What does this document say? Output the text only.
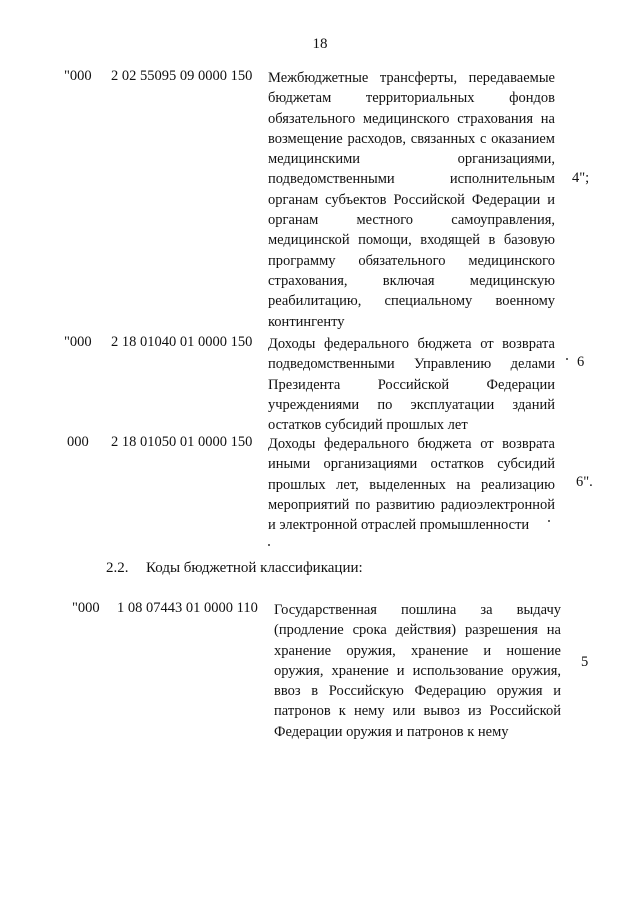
18
"000 2 02 55095 09 0000 150 Межбюджетные трансферты, передаваемые бюджетам территориальных фондов обязательного медицинского страхования на возмещение расходов, связанных с оказанием медицинскими организациями, подведомственными исполнительным органам субъектов Российской Федерации и органам местного самоуправления, медицинской помощи, входящей в базовую программу обязательного медицинского страхования, включая медицинскую реабилитацию, специальному военному контингенту
4";
"000 2 18 01040 01 0000 150 Доходы федерального бюджета от возврата подведомственными Управлению делами Президента Российской Федерации учреждениями по эксплуатации зданий остатков субсидий прошлых лет
6
000 2 18 01050 01 0000 150 Доходы федерального бюджета от возврата иными организациями остатков субсидий прошлых лет, выделенных на реализацию мероприятий по развитию радиоэлектронной и электронной отраслей промышленности
6".
2.2. Коды бюджетной классификации:
"000 1 08 07443 01 0000 110 Государственная пошлина за выдачу (продление срока действия) разрешения на хранение оружия, хранение и ношение оружия, хранение и использование оружия, ввоз в Российскую Федерацию оружия и патронов к нему или вывоз из Российской Федерации оружия и патронов к нему
5
